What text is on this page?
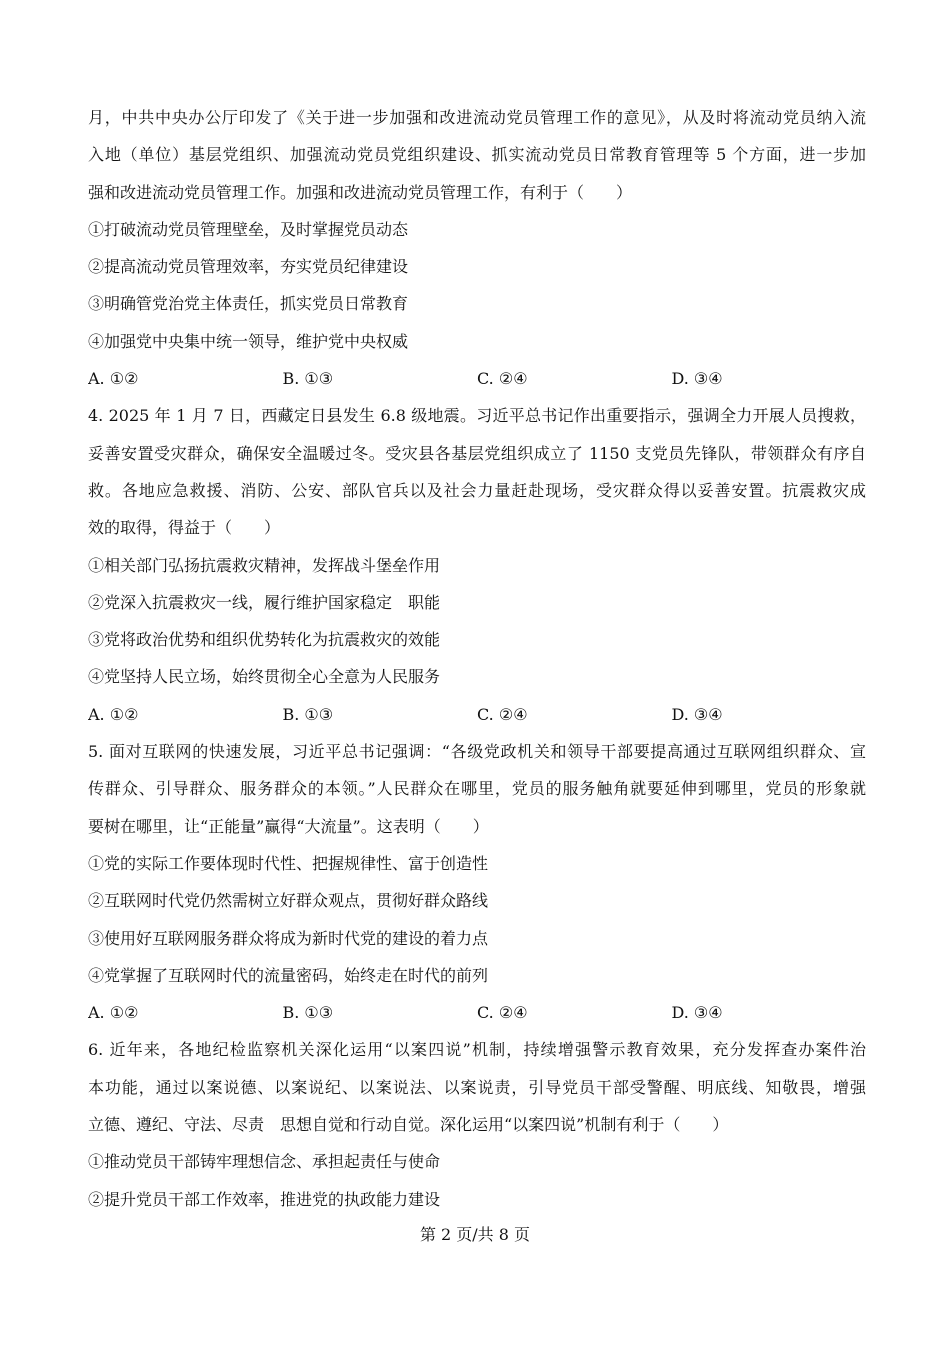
月，中共中央办公厅印发了《关于进一步加强和改进流动党员管理工作的意见》，从及时将流动党员纳入流
入地（单位）基层党组织、加强流动党员党组织建设、抓实流动党员日常教育管理等 5 个方面，进一步加
强和改进流动党员管理工作。加强和改进流动党员管理工作，有利于（　　）
①打破流动党员管理壁垒，及时掌握党员动态
②提高流动党员管理效率，夯实党员纪律建设
③明确管党治党主体责任，抓实党员日常教育
④加强党中央集中统一领导，维护党中央权威
A. ①②	B. ①③	C. ②④	D. ③④
4. 2025 年 1 月 7 日，西藏定日县发生 6.8 级地震。习近平总书记作出重要指示，强调全力开展人员搜救，
妥善安置受灾群众，确保安全温暖过冬。受灾县各基层党组织成立了 1150 支党员先锋队，带领群众有序自
救。各地应急救援、消防、公安、部队官兵以及社会力量赶赴现场，受灾群众得以妥善安置。抗震救灾成
效的取得，得益于（　　）
①相关部门弘扬抗震救灾精神，发挥战斗堡垒作用
②党深入抗震救灾一线，履行维护国家稳定　职能
③党将政治优势和组织优势转化为抗震救灾的效能
④党坚持人民立场，始终贯彻全心全意为人民服务
A. ①②	B. ①③	C. ②④	D. ③④
5. 面对互联网的快速发展，习近平总书记强调：“各级党政机关和领导干部要提高通过互联网组织群众、宣
传群众、引导群众、服务群众的本领。”人民群众在哪里，党员的服务触角就要延伸到哪里，党员的形象就
要树在哪里，让“正能量”赢得“大流量”。这表明（　　）
①党的实际工作要体现时代性、把握规律性、富于创造性
②互联网时代党仍然需树立好群众观点，贯彻好群众路线
③使用好互联网服务群众将成为新时代党的建设的着力点
④党掌握了互联网时代的流量密码，始终走在时代的前列
A. ①②	B. ①③	C. ②④	D. ③④
6. 近年来，各地纪检监察机关深化运用“以案四说”机制，持续增强警示教育效果，充分发挥查办案件治
本功能，通过以案说德、以案说纪、以案说法、以案说责，引导党员干部受警醒、明底线、知敬畏，增强
立德、遵纪、守法、尽责　思想自觉和行动自觉。深化运用“以案四说”机制有利于（　　）
①推动党员干部铸牢理想信念、承担起责任与使命
②提升党员干部工作效率，推进党的执政能力建设
第 2 页/共 8 页
